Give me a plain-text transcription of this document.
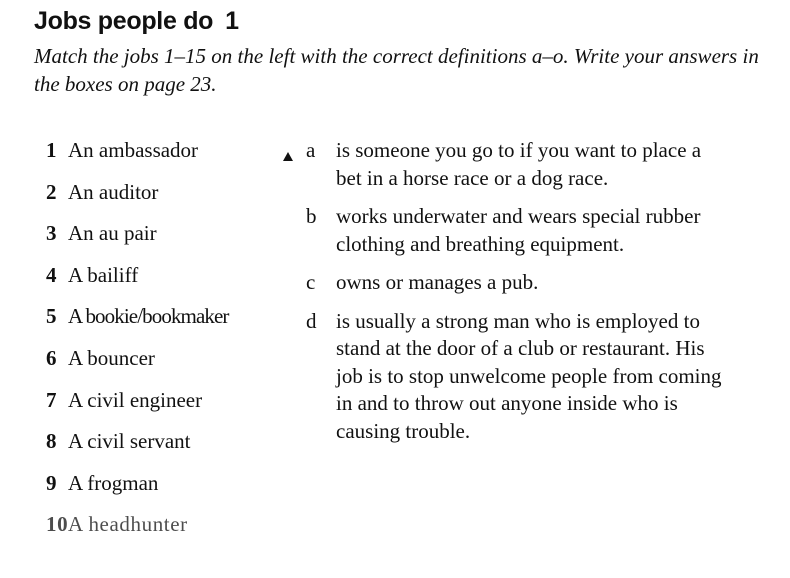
Jobs people do 1

Match the jobs 1–15 on the left with the correct definitions a–o. Write your answers in the boxes on page 23.

1 An ambassador
2 An auditor
3 An au pair
4 A bailiff
5 A bookie/bookmaker
6 A bouncer
7 A civil engineer
8 A civil servant
9 A frogman
10A headhunter
a is someone you go to if you want to place a bet in a horse race or a dog race.
b works underwater and wears special rubber clothing and breathing equipment.
c owns or manages a pub.
d is usually a strong man who is employed to stand at the door of a club or restaurant. His job is to stop unwelcome people from coming in and to throw out anyone inside who is causing trouble.
